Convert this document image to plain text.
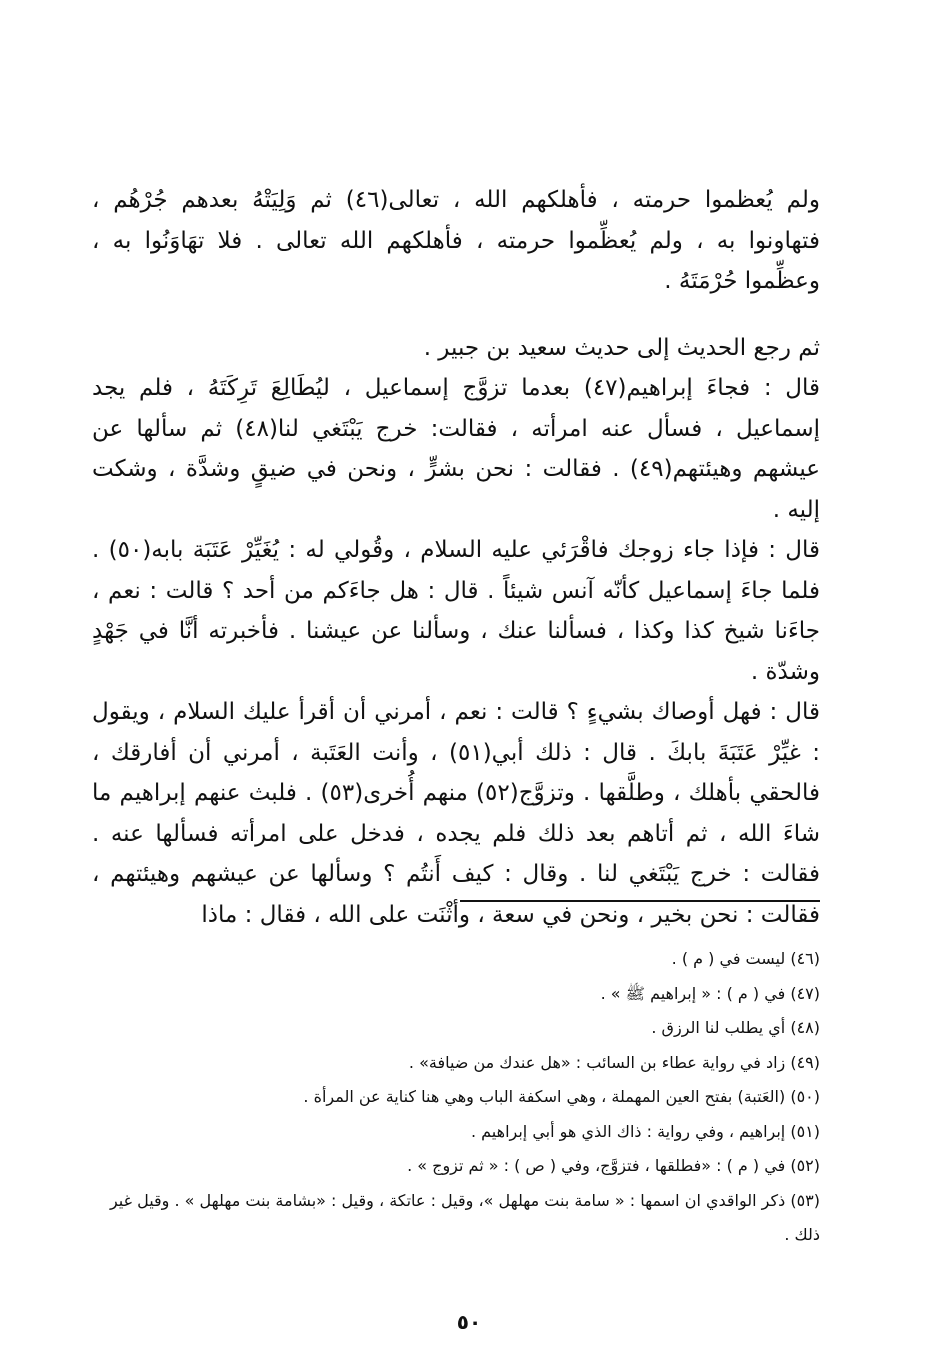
ولم يُعظموا حرمته ، فأهلكهم الله ، تعالى(٤٦) ثم وَلِيَتْهُ بعدهم جُرْهُم ، فتهاونوا به ، ولم يُعظِّموا حرمته ، فأهلكهم الله تعالى . فلا تهَاوَنُوا به ، وعظِّموا حُرْمَتَهُ .

ثم رجع الحديث إلى حديث سعيد بن جبير .

قال : فجاءَ إبراهيم(٤٧) بعدما تزوَّج إسماعيل ، ليُطَالِعَ تَرِكَتَهُ ، فلم يجد إسماعيل ، فسأل عنه امرأته ، فقالت: خرج يَبْتَغي لنا(٤٨) ثم سألها عن عيشهم وهيئتهم(٤٩) . فقالت : نحن بشرٍّ ، ونحن في ضيقٍ وشدَّة ، وشكت إليه .

قال : فإذا جاء زوجك فاقْرَئي عليه السلام ، وقُولي له : يُغَيِّرْ عَتَبَة بابه(٥٠) . فلما جاءَ إسماعيل كأنّه آنس شيئاً . قال : هل جاءَكم من أحد ؟ قالت : نعم ، جاءَنا شيخ كذا وكذا ، فسألنا عنك ، وسألنا عن عيشنا . فأخبرته أنَّا في جَهْدٍ وشدّة .

قال : فهل أوصاك بشيءٍ ؟ قالت : نعم ، أمرني أن أقرأ عليك السلام ، ويقول : غيِّرْ عَتَبَةَ بابكَ . قال : ذلك أبي(٥١) ، وأنت العَتَبة ، أمرني أن أفارقك ، فالحقي بأهلك ، وطلَّقها . وتزوَّج(٥٢) منهم أُخرى(٥٣) . فلبث عنهم إبراهيم ما شاءَ الله ، ثم أتاهم بعد ذلك فلم يجده ، فدخل على امرأته فسألها عنه . فقالت : خرج يَبْتَغي لنا . وقال : كيف أَنتُم ؟ وسألها عن عيشهم وهيئتهم ، فقالت : نحن بخير ، ونحن في سعة ، وأثْنَت على الله ، فقال : ماذا

(٤٦) ليست في ( م ) .

(٤٧) في ( م ) : « إبراهيم ﷺ » .

(٤٨) أي يطلب لنا الرزق .

(٤٩) زاد في رواية عطاء بن السائب : «هل عندك من ضيافة» .

(٥٠) (العَتبة) بفتح العين المهملة ، وهي اسكفة الباب وهي هنا كناية عن المرأة .

(٥١) إبراهيم ، وفي رواية : ذاك الذي هو أبي إبراهيم .

(٥٢) في ( م ) : «فطلقها ، فتزوَّج، وفي ( ص ) : « ثم تزوج » .

(٥٣) ذكر الواقدي ان اسمها : « سامة بنت مهلهل »، وقيل : عاتكة ، وقيل : «بشامة بنت مهلهل » . وقيل غير ذلك .

٥٠
